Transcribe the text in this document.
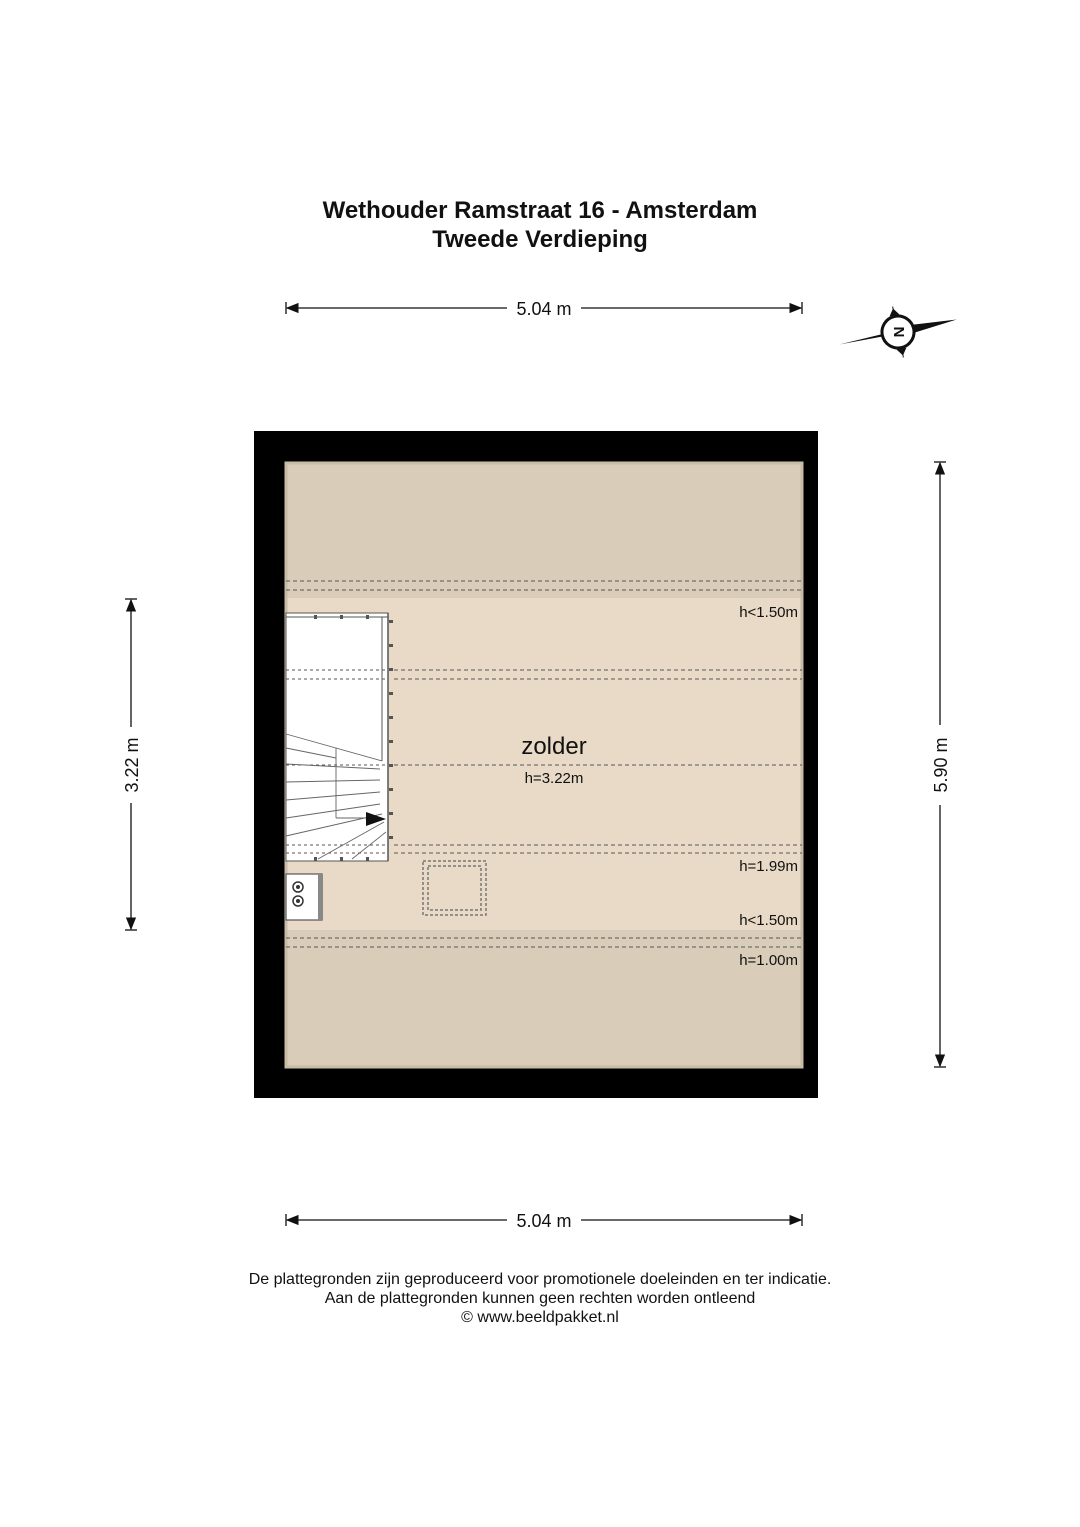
Wethouder Ramstraat 16 - Amsterdam
Tweede Verdieping
5.04 m
N
zolder
h=3.22m
h<1.50m
h=1.99m
h<1.50m
h=1.00m
3.22 m	5.90 m
5.04 m
De plattegronden zijn geproduceerd voor promotionele doeleinden en ter indicatie.
Aan de plattegronden kunnen geen rechten worden ontleend
© www.beeldpakket.nl
